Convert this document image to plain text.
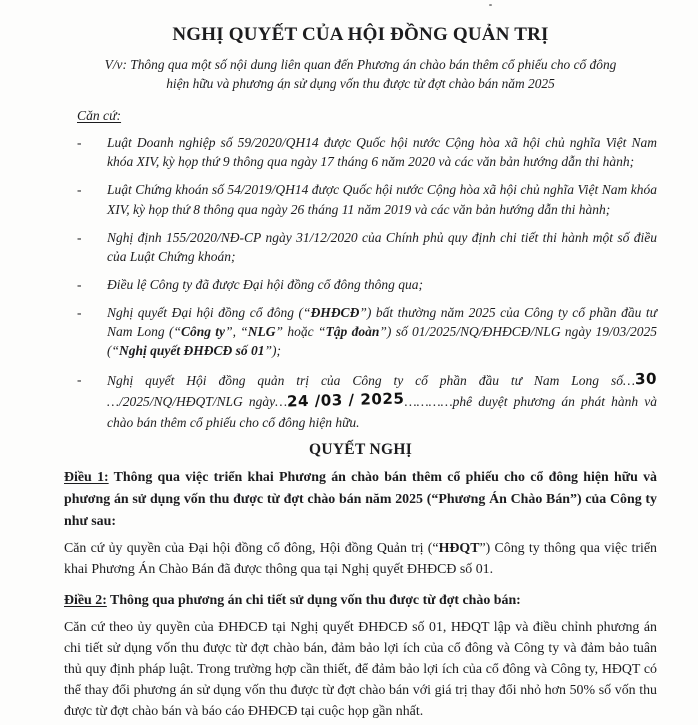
NGHỊ QUYẾT CỦA HỘI ĐỒNG QUẢN TRỊ

V/v: Thông qua một số nội dung liên quan đến Phương án chào bán thêm cổ phiếu cho cổ đông
hiện hữu và phương án sử dụng vốn thu được từ đợt chào bán năm 2025

Căn cứ:

-	Luật Doanh nghiệp số 59/2020/QH14 được Quốc hội nước Cộng hòa xã hội chủ nghĩa Việt Nam khóa XIV, kỳ họp thứ 9 thông qua ngày 17 tháng 6 năm 2020 và các văn bản hướng dẫn thi hành;
-	Luật Chứng khoán số 54/2019/QH14 được Quốc hội nước Cộng hòa xã hội chủ nghĩa Việt Nam khóa XIV, kỳ họp thứ 8 thông qua ngày 26 tháng 11 năm 2019 và các văn bản hướng dẫn thi hành;
-	Nghị định 155/2020/NĐ-CP ngày 31/12/2020 của Chính phủ quy định chi tiết thi hành một số điều của Luật Chứng khoán;
-	Điều lệ Công ty đã được Đại hội đồng cổ đông thông qua;
-	Nghị quyết Đại hội đồng cổ đông (“ĐHĐCĐ”) bất thường năm 2025 của Công ty cổ phần đầu tư Nam Long (“Công ty”, “NLG” hoặc “Tập đoàn”) số 01/2025/NQ/ĐHĐCĐ/NLG ngày 19/03/2025 (“Nghị quyết ĐHĐCĐ số 01”);
-	Nghị quyết Hội đồng quản trị của Công ty cổ phần đầu tư Nam Long số…30…/2025/NQ/HĐQT/NLG ngày…24 /03 / 2025…………phê duyệt phương án phát hành và chào bán thêm cổ phiếu cho cổ đông hiện hữu.
QUYẾT NGHỊ

Điều 1: Thông qua việc triển khai Phương án chào bán thêm cổ phiếu cho cổ đông hiện hữu và phương án sử dụng vốn thu được từ đợt chào bán năm 2025 (“Phương Án Chào Bán”) của Công ty như sau:

Căn cứ ủy quyền của Đại hội đồng cổ đông, Hội đồng Quản trị (“HĐQT”) Công ty thông qua việc triển khai Phương Án Chào Bán đã được thông qua tại Nghị quyết ĐHĐCĐ số 01.

Điều 2: Thông qua phương án chi tiết sử dụng vốn thu được từ đợt chào bán:

Căn cứ theo ủy quyền của ĐHĐCĐ tại Nghị quyết ĐHĐCĐ số 01, HĐQT lập và điều chỉnh phương án chi tiết sử dụng vốn thu được từ đợt chào bán, đảm bảo lợi ích của cổ đông và Công ty và đảm bảo tuân thủ quy định pháp luật. Trong trường hợp cần thiết, để đảm bảo lợi ích của cổ đông và Công ty, HĐQT có thể thay đổi phương án sử dụng vốn thu được từ đợt chào bán với giá trị thay đổi nhỏ hơn 50% số vốn thu được từ đợt chào bán và báo cáo ĐHĐCĐ tại cuộc họp gần nhất.
